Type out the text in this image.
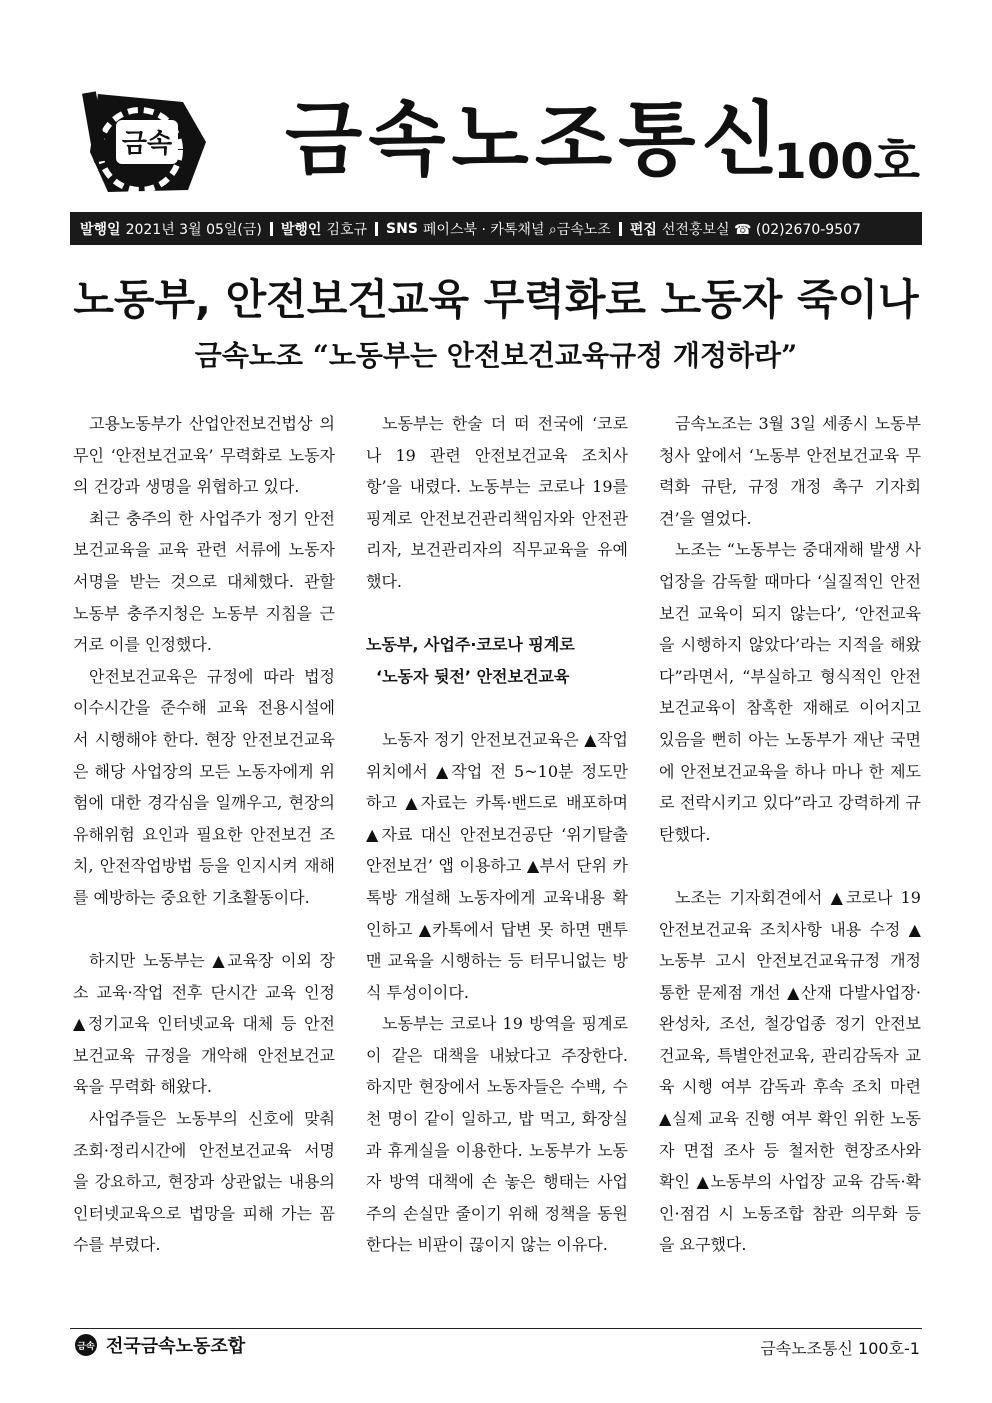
금속 금속노조통신
100호
발행일 2021년 3월 05일(금) 발행인 김호규 SNS 페이스북 · 카톡채널 ⌕금속노조 편집 선전홍보실 ☎ (02)2670-9507
노동부, 안전보건교육 무력화로 노동자 죽이나
금속노조 “노동부는 안전보건교육규정 개정하라”

고용노동부가 산업안전보건법상 의무인 ‘안전보건교육’ 무력화로 노동자의 건강과 생명을 위협하고 있다.

최근 충주의 한 사업주가 정기 안전보건교육을 교육 관련 서류에 노동자 서명을 받는 것으로 대체했다. 관할 노동부 충주지청은 노동부 지침을 근거로 이를 인정했다.

안전보건교육은 규정에 따라 법정 이수시간을 준수해 교육 전용시설에서 시행해야 한다. 현장 안전보건교육은 해당 사업장의 모든 노동자에게 위험에 대한 경각심을 일깨우고, 현장의 유해위험 요인과 필요한 안전보건 조치, 안전작업방법 등을 인지시켜 재해를 예방하는 중요한 기초활동이다.

하지만 노동부는 ▲교육장 이외 장소 교육·작업 전후 단시간 교육 인정 ▲정기교육 인터넷교육 대체 등 안전보건교육 규정을 개악해 안전보건교육을 무력화 해왔다.

사업주들은 노동부의 신호에 맞춰 조회·정리시간에 안전보건교육 서명을 강요하고, 현장과 상관없는 내용의 인터넷교육으로 법망을 피해 가는 꼼수를 부렸다.

노동부는 한술 더 떠 전국에 ‘코로나 19 관련 안전보건교육 조치사항’을 내렸다. 노동부는 코로나 19를 핑계로 안전보건관리책임자와 안전관리자, 보건관리자의 직무교육을 유예했다.

노동부, 사업주·코로나 핑계로

‘노동자 뒷전’ 안전보건교육

노동자 정기 안전보건교육은 ▲작업 위치에서 ▲작업 전 5~10분 정도만 하고 ▲자료는 카톡·밴드로 배포하며 ▲자료 대신 안전보건공단 ‘위기탈출 안전보건’ 앱 이용하고 ▲부서 단위 카톡방 개설해 노동자에게 교육내용 확인하고 ▲카톡에서 답변 못 하면 맨투맨 교육을 시행하는 등 터무니없는 방식 투성이이다.

노동부는 코로나 19 방역을 핑계로 이 같은 대책을 내놨다고 주장한다. 하지만 현장에서 노동자들은 수백, 수천 명이 같이 일하고, 밥 먹고, 화장실과 휴게실을 이용한다. 노동부가 노동자 방역 대책에 손 놓은 행태는 사업주의 손실만 줄이기 위해 정책을 동원한다는 비판이 끊이지 않는 이유다.

금속노조는 3월 3일 세종시 노동부 청사 앞에서 ‘노동부 안전보건교육 무력화 규탄, 규정 개정 촉구 기자회견’을 열었다.

노조는 “노동부는 중대재해 발생 사업장을 감독할 때마다 ‘실질적인 안전보건 교육이 되지 않는다’, ‘안전교육을 시행하지 않았다’라는 지적을 해왔다”라면서, “부실하고 형식적인 안전보건교육이 참혹한 재해로 이어지고 있음을 뻔히 아는 노동부가 재난 국면에 안전보건교육을 하나 마나 한 제도로 전락시키고 있다”라고 강력하게 규탄했다.

노조는 기자회견에서 ▲코로나 19 안전보건교육 조치사항 내용 수정 ▲노동부 고시 안전보건교육규정 개정 통한 문제점 개선 ▲산재 다발사업장·완성차, 조선, 철강업종 정기 안전보건교육, 특별안전교육, 관리감독자 교육 시행 여부 감독과 후속 조치 마련 ▲실제 교육 진행 여부 확인 위한 노동자 면접 조사 등 철저한 현장조사와 확인 ▲노동부의 사업장 교육 감독·확인·점검 시 노동조합 참관 의무화 등을 요구했다.

금속 전국금속노동조합	금속노조통신 100호-1
